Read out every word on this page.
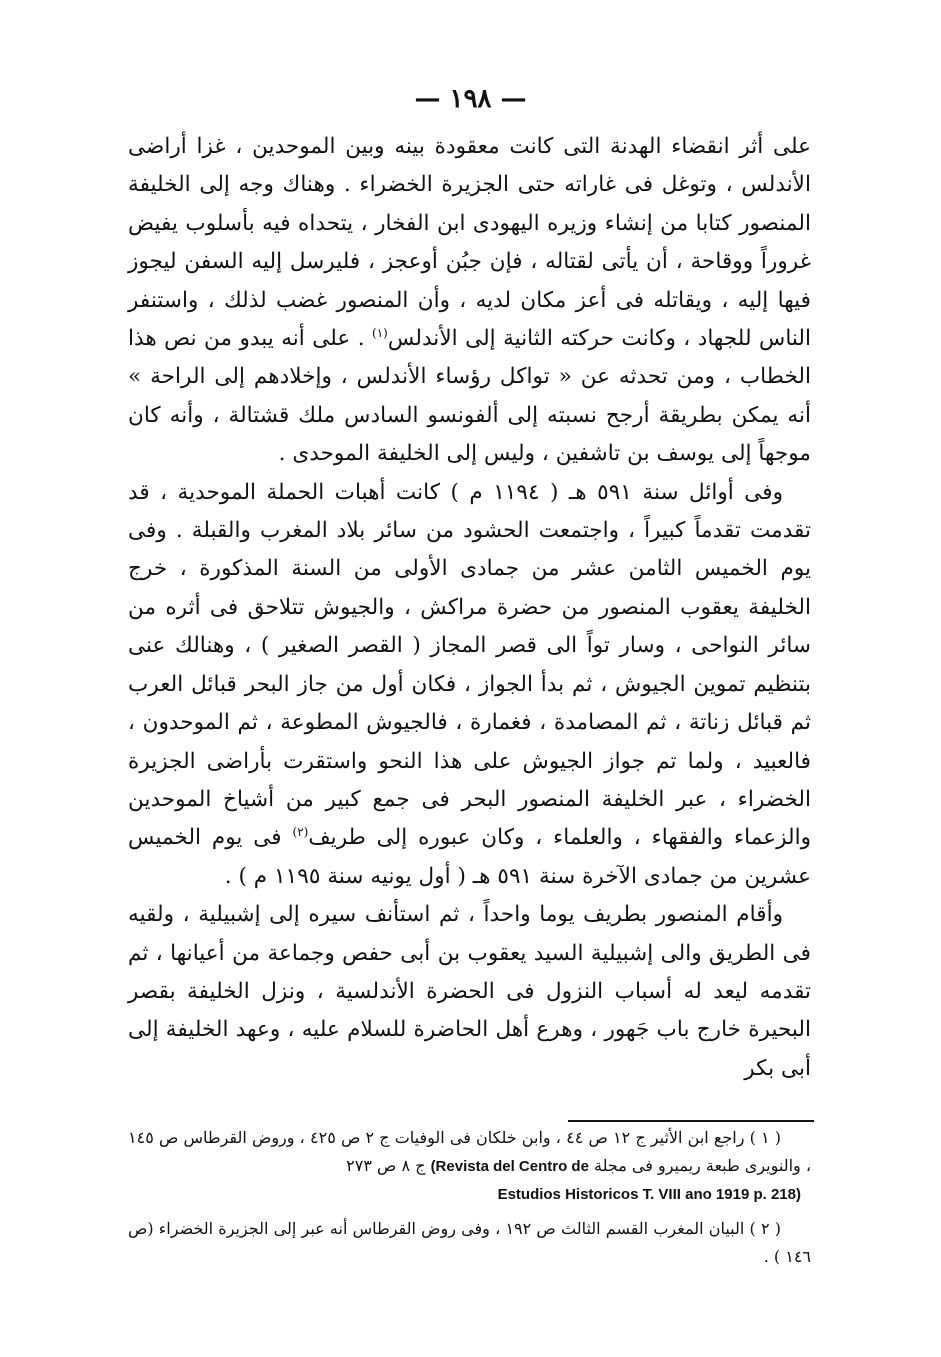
— ١٩٨ —

على أثر انقضاء الهدنة التى كانت معقودة بينه وبين الموحدين ، غزا أراضى الأندلس ، وتوغل فى غاراته حتى الجزيرة الخضراء . وهناك وجه إلى الخليفة المنصور كتابا من إنشاء وزيره اليهودى ابن الفخار ، يتحداه فيه بأسلوب يفيض غروراً ووقاحة ، أن يأتى لقتاله ، فإن جبُن أوعجز ، فليرسل إليه السفن ليجوز فيها إليه ، ويقاتله فى أعز مكان لديه ، وأن المنصور غضب لذلك ، واستنفر الناس للجهاد ، وكانت حركته الثانية إلى الأندلس$^{(١)}$ . على أنه يبدو من نص هذا الخطاب ، ومن تحدثه عن « تواكل رؤساء الأندلس ، وإخلادهم إلى الراحة » أنه يمكن بطريقة أرجح نسبته إلى ألفونسو السادس ملك قشتالة ، وأنه كان موجهاً إلى يوسف بن تاشفين ، وليس إلى الخليفة الموحدى .

وفى أوائل سنة ٥٩١ هـ ( ١١٩٤ م ) كانت أهبات الحملة الموحدية ، قد تقدمت تقدماً كبيراً ، واجتمعت الحشود من سائر بلاد المغرب والقبلة . وفى يوم الخميس الثامن عشر من جمادى الأولى من السنة المذكورة ، خرج الخليفة يعقوب المنصور من حضرة مراكش ، والجيوش تتلاحق فى أثره من سائر النواحى ، وسار تواً الى قصر المجاز ( القصر الصغير ) ، وهنالك عنى بتنظيم تموين الجيوش ، ثم بدأ الجواز ، فكان أول من جاز البحر قبائل العرب ثم قبائل زناتة ، ثم المصامدة ، فغمارة ، فالجيوش المطوعة ، ثم الموحدون ، فالعبيد ، ولما تم جواز الجيوش على هذا النحو واستقرت بأراضى الجزيرة الخضراء ، عبر الخليفة المنصور البحر فى جمع كبير من أشياخ الموحدين والزعماء والفقهاء ، والعلماء ، وكان عبوره إلى طريف$^{(٢)}$ فى يوم الخميس عشرين من جمادى الآخرة سنة ٥٩١ هـ ( أول يونيه سنة ١١٩٥ م ) .

وأقام المنصور بطريف يوما واحداً ، ثم استأنف سيره إلى إشبيلية ، ولقيه فى الطريق والى إشبيلية السيد يعقوب بن أبى حفص وجماعة من أعيانها ، ثم تقدمه ليعد له أسباب النزول فى الحضرة الأندلسية ، ونزل الخليفة بقصر البحيرة خارج باب جَهور ، وهرع أهل الحاضرة للسلام عليه ، وعهد الخليفة إلى أبى بكر

( ١ ) راجع ابن الأثير ج ١٢ ص ٤٤ ، وابن خلكان فى الوفيات ج ٢ ص ٤٢٥ ، وروض القرطاس ص ١٤٥ ، والنويرى طبعة ريميرو فى مجلة (Revista del Centro de ج ٨ ص ٢٧٣

Estudios Historicos T. VIII ano 1919 p. 218)

( ٢ ) البيان المغرب القسم الثالث ص ١٩٢ ، وفى روض القرطاس أنه عبر إلى الجزيرة الخضراء (ص ١٤٦ ) .
